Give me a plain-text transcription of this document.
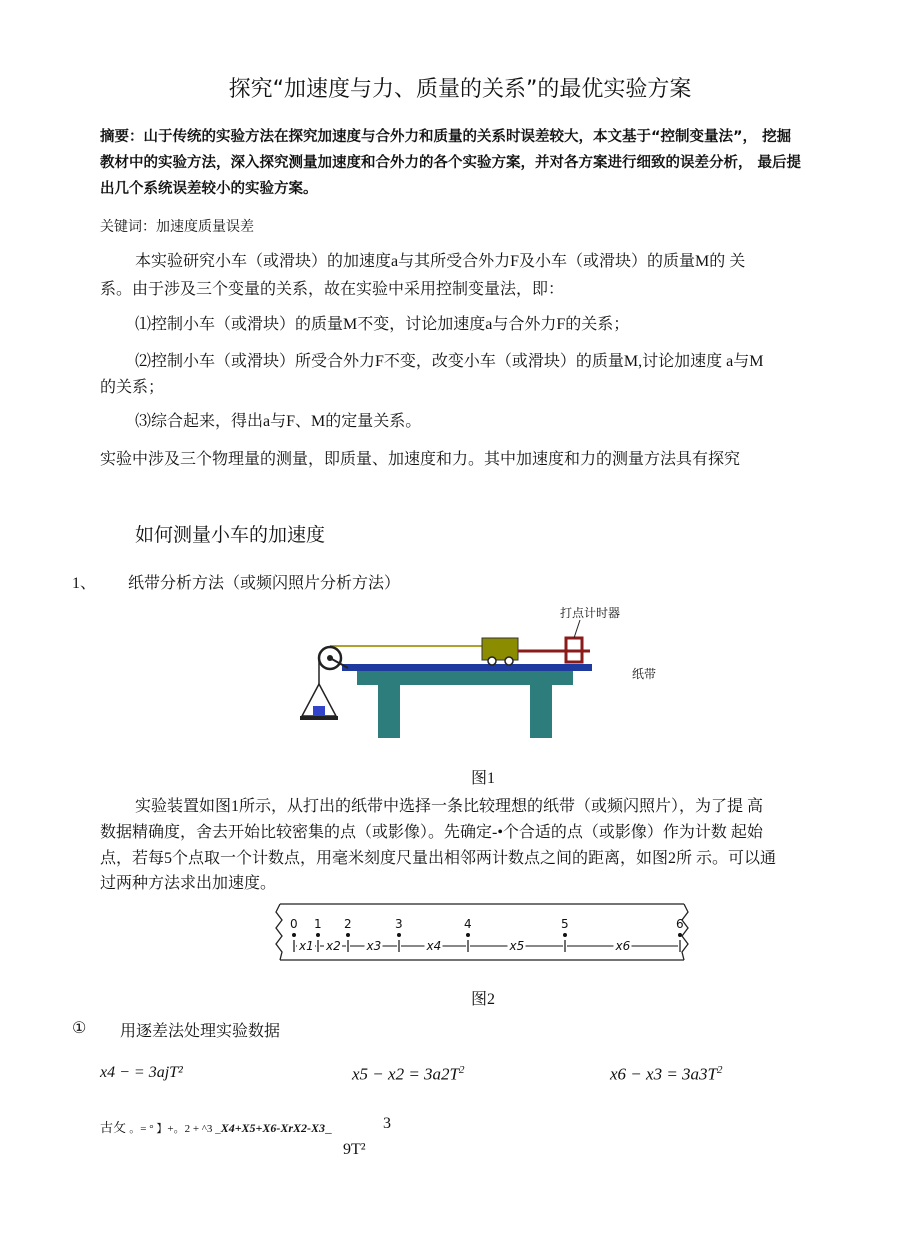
探究“加速度与力、质量的关系”的最优实验方案
摘要：山于传统的实验方法在探究加速度与合外力和质量的关系时误差较大，本文基于“控制变量法”， 挖掘
教材中的实验方法，深入探究测量加速度和合外力的各个实验方案，并对各方案进行细致的误差分析， 最后提
出几个系统误差较小的实验方案。
关键词：加速度质量误差
本实验研究小车（或滑块）的加速度a与其所受合外力F及小车（或滑块）的质量M的 关
系。由于涉及三个变量的关系，故在实验中采用控制变量法，即：
⑴控制小车（或滑块）的质量M不变，讨论加速度a与合外力F的关系；
⑵控制小车（或滑块）所受合外力F不变，改变小车（或滑块）的质量M,讨论加速度 a与M
的关系；
⑶综合起来，得出a与F、M的定量关系。
实验中涉及三个物理量的测量，即质量、加速度和力。其中加速度和力的测量方法具有探究
如何测量小车的加速度
1、 纸带分析方法（或频闪照片分析方法）
打点计时器
纸带
图1
实验装置如图1所示，从打出的纸带中选择一条比较理想的纸带（或频闪照片），为了提 高
数据精确度，舍去开始比较密集的点（或影像）。先确定-•个合适的点（或影像）作为计数 起始
点，若每5个点取一个计数点，用毫米刻度尺量出相邻两计数点之间的距离，如图2所 示。可以通
过两种方法求出加速度。
0 1 2	3	4	5	6
x1 x2 x3	x4	x5	x6
图2
① 用逐差法处理实验数据
x4 − = 3ajT²	$x5 - x2 = 3a2T^2$	$x6 - x3 = 3a3T^2$
古攵 。= ° 】+。2 + ^3 _X4+X5+X6-XrX2-X3_	3
9T²
